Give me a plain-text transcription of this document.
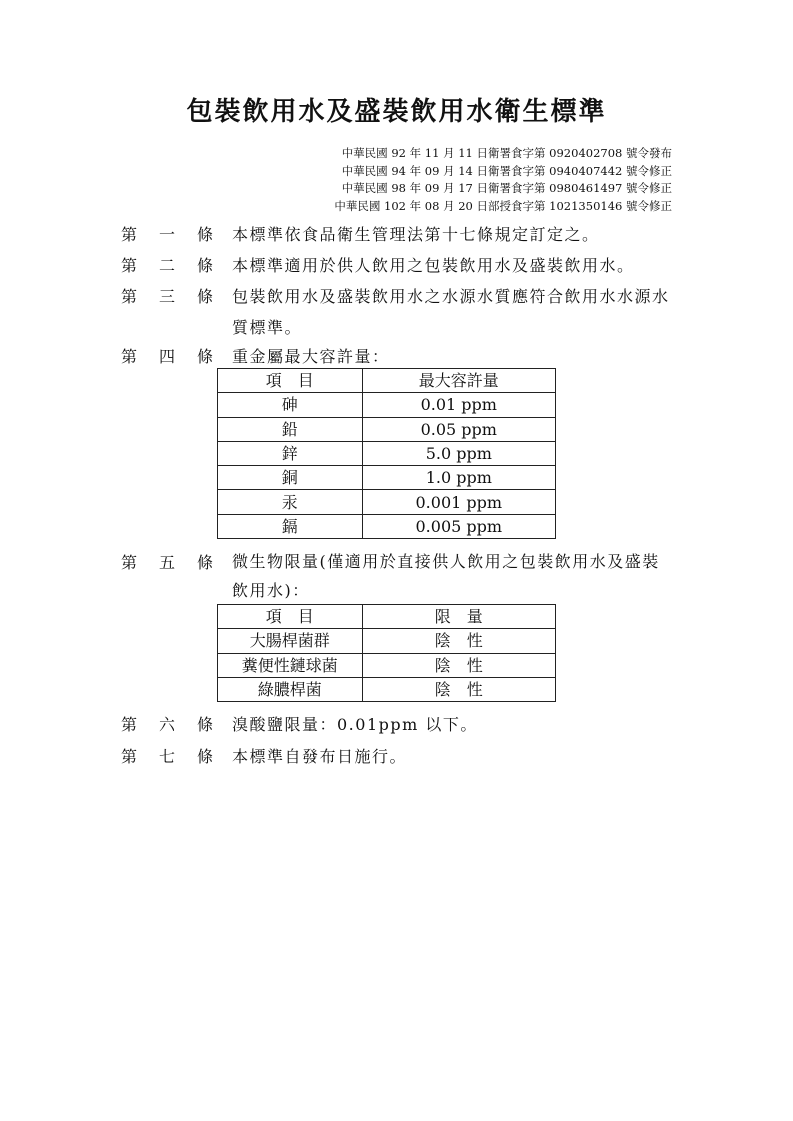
包裝飲用水及盛裝飲用水衛生標準
中華民國 92 年 11 月 11 日衛署食字第 0920402708 號令發布
中華民國 94 年 09 月 14 日衛署食字第 0940407442 號令修正
中華民國 98 年 09 月 17 日衛署食字第 0980461497 號令修正
中華民國 102 年 08 月 20 日部授食字第 1021350146 號令修正
第 一 條 本標準依食品衛生管理法第十七條規定訂定之。
第 二 條 本標準適用於供人飲用之包裝飲用水及盛裝飲用水。
第 三 條 包裝飲用水及盛裝飲用水之水源水質應符合飲用水水源水質標準。
第 四 條 重金屬最大容許量：
項　目	最大容許量
砷	0.01 ppm
鉛	0.05 ppm
鋅	5.0 ppm
銅	1.0 ppm
汞	0.001 ppm
鎘	0.005 ppm
第 五 條 微生物限量(僅適用於直接供人飲用之包裝飲用水及盛裝飲用水)：
項　目	限　量
大腸桿菌群	陰　性
糞便性鏈球菌	陰　性
綠膿桿菌	陰　性
第 六 條 溴酸鹽限量：0.01ppm 以下。
第 七 條 本標準自發布日施行。
